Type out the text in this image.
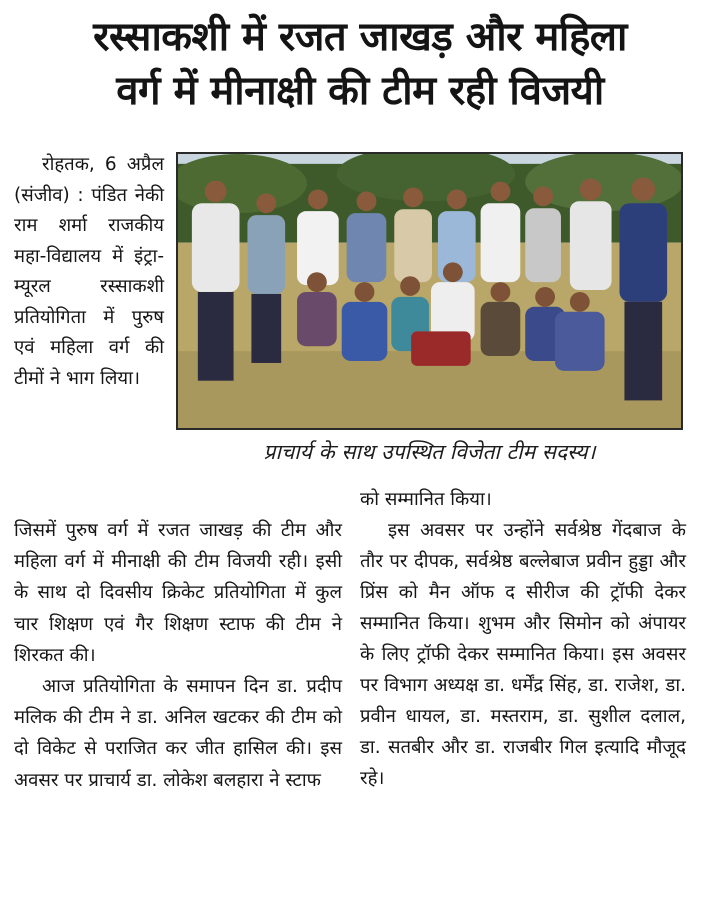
रस्साकशी में रजत जाखड़ और महिला
वर्ग में मीनाक्षी की टीम रही विजयी

रोहतक, 6 अप्रैल (संजीव) : पंडित नेकी राम शर्मा राजकीय महा-विद्यालय में इंट्रा-म्यूरल रस्साकशी प्रतियोगिता में पुरुष एवं महिला वर्ग की टीमों ने भाग लिया।

प्राचार्य के साथ उपस्थित विजेता टीम सदस्य।

जिसमें पुरुष वर्ग में रजत जाखड़ की टीम और महिला वर्ग में मीनाक्षी की टीम विजयी रही। इसी के साथ दो दिवसीय क्रिकेट प्रतियोगिता में कुल चार शिक्षण एवं गैर शिक्षण स्टाफ की टीम ने शिरकत की।

आज प्रतियोगिता के समापन दिन डा. प्रदीप मलिक की टीम ने डा. अनिल खटकर की टीम को दो विकेट से पराजित कर जीत हासिल की। इस अवसर पर प्राचार्य डा. लोकेश बलहारा ने स्टाफ

को सम्मानित किया।

इस अवसर पर उन्होंने सर्वश्रेष्ठ गेंदबाज के तौर पर दीपक, सर्वश्रेष्ठ बल्लेबाज प्रवीन हुड्डा और प्रिंस को मैन ऑफ द सीरीज की ट्रॉफी देकर सम्मानित किया। शुभम और सिमोन को अंपायर के लिए ट्रॉफी देकर सम्मानित किया। इस अवसर पर विभाग अध्यक्ष डा. धर्मेंद्र सिंह, डा. राजेश, डा. प्रवीन धायल, डा. मस्तराम, डा. सुशील दलाल, डा. सतबीर और डा. राजबीर गिल इत्यादि मौजूद रहे।
